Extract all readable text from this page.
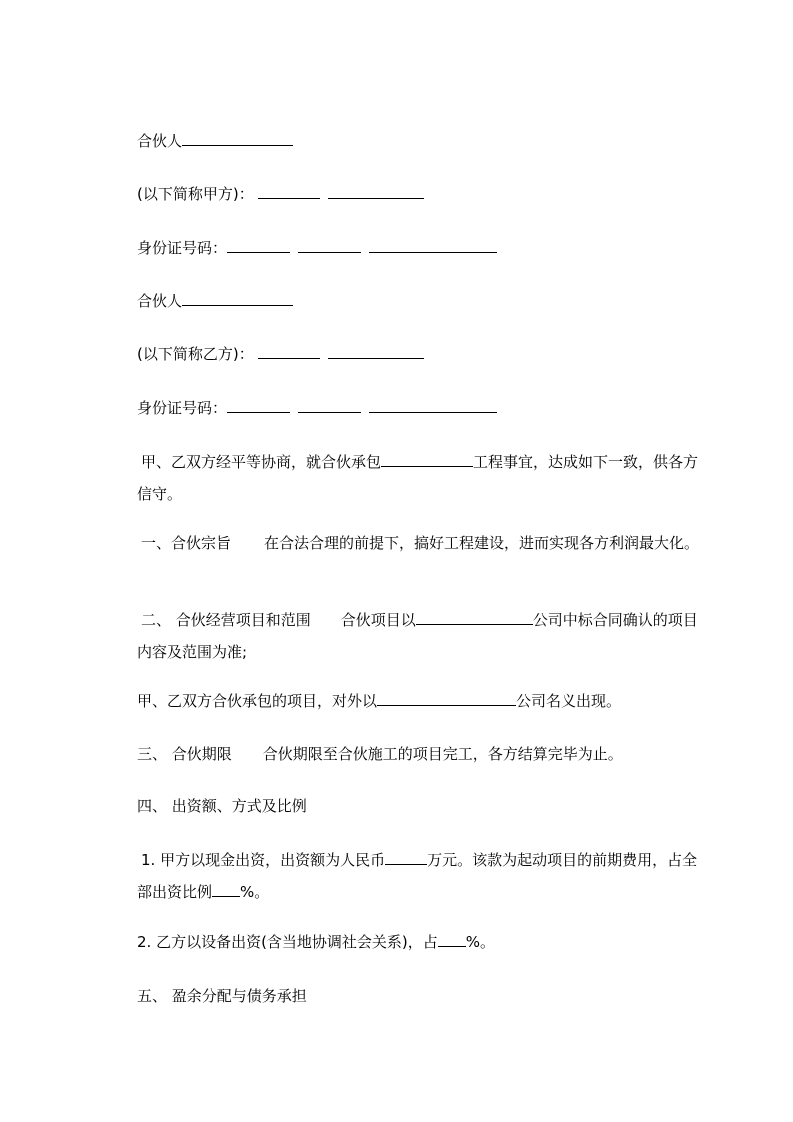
合伙人
(以下简称甲方)：
身份证号码：
合伙人
(以下简称乙方)：
身份证号码：
甲、乙双方经平等协商，就合伙承包	工程事宜，达成如下一致，供各方信守。
一、合伙宗旨 在合法合理的前提下，搞好工程建设，进而实现各方利润最大化。
二、 合伙经营项目和范围 合伙项目以	公司中标合同确认的项目内容及范围为准;
甲、乙双方合伙承包的项目，对外以	公司名义出现。
三、 合伙期限 合伙期限至合伙施工的项目完工，各方结算完毕为止。
四、 出资额、方式及比例
1. 甲方以现金出资，出资额为人民币	万元。该款为起动项目的前期费用，占全部出资比例 %。
2. 乙方以设备出资(含当地协调社会关系)，占 %。
五、 盈余分配与债务承担
